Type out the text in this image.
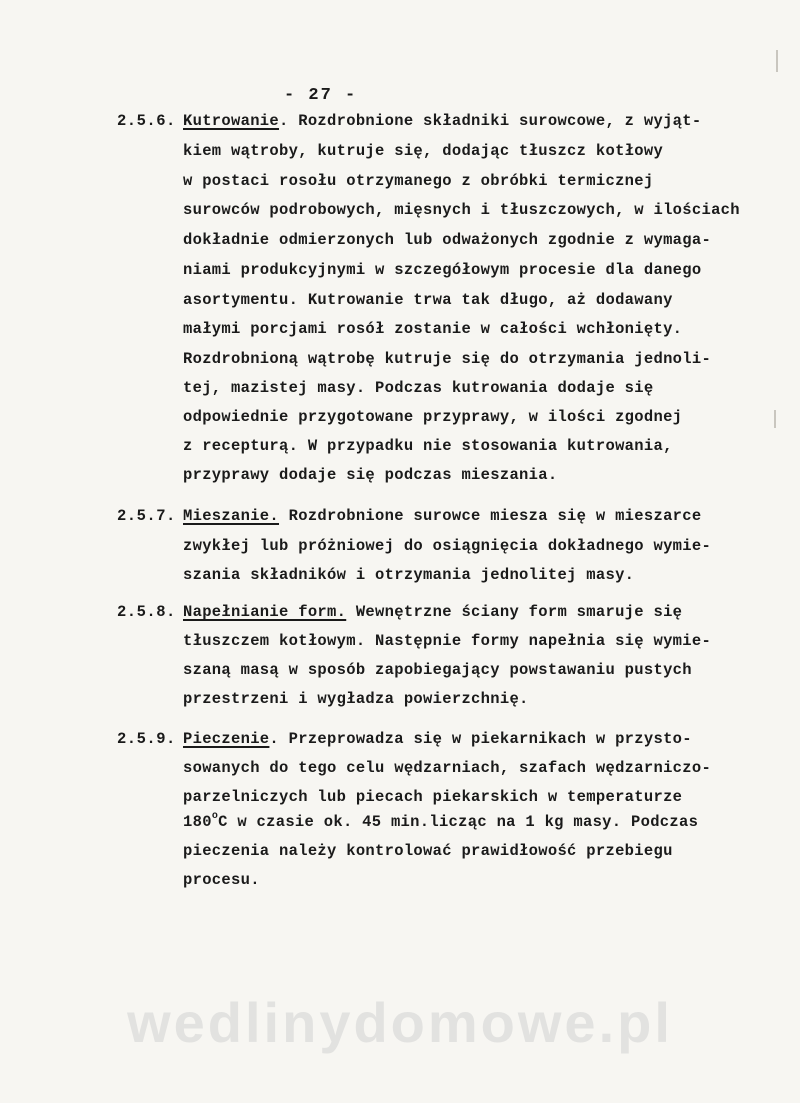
- 27 -
2.5.6. Kutrowanie. Rozdrobnione składniki surowcowe, z wyjąt-
kiem wątroby, kutruje się, dodając tłuszcz kotłowy
w postaci rosołu otrzymanego z obróbki termicznej
surowców podrobowych, mięsnych i tłuszczowych, w ilościach
dokładnie odmierzonych lub odważonych zgodnie z wymaga-
niami produkcyjnymi w szczegółowym procesie dla danego
asortymentu. Kutrowanie trwa tak długo, aż dodawany
małymi porcjami rosół zostanie w całości wchłonięty.
Rozdrobnioną wątrobę kutruje się do otrzymania jednoli-
tej, mazistej masy. Podczas kutrowania dodaje się
odpowiednie przygotowane przyprawy, w ilości zgodnej
z recepturą. W przypadku nie stosowania kutrowania,
przyprawy dodaje się podczas mieszania.
2.5.7. Mieszanie. Rozdrobnione surowce miesza się w mieszarce
zwykłej lub próżniowej do osiągnięcia dokładnego wymie-
szania składników i otrzymania jednolitej masy.
2.5.8. Napełnianie form. Wewnętrzne ściany form smaruje się
tłuszczem kotłowym. Następnie formy napełnia się wymie-
szaną masą w sposób zapobiegający powstawaniu pustych
przestrzeni i wygładza powierzchnię.
2.5.9. Pieczenie. Przeprowadza się w piekarnikach w przysto-
sowanych do tego celu wędzarniach, szafach wędzarniczo-
parzelniczych lub piecach piekarskich w temperaturze
180$^o$C w czasie ok. 45 min.licząc na 1 kg masy. Podczas
pieczenia należy kontrolować prawidłowość przebiegu
procesu.
wedlinydomowe.pl
